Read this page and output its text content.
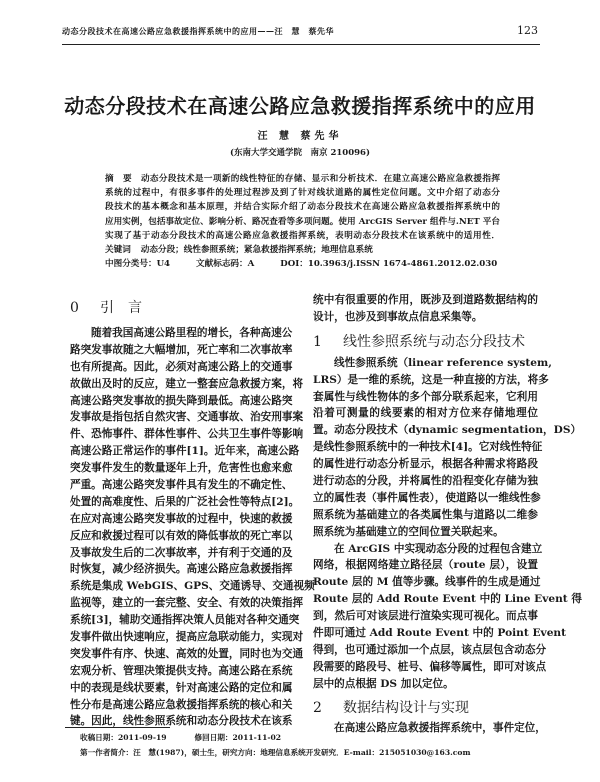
动态分段技术在高速公路应急救援指挥系统中的应用——汪　慧　蔡先华	123
动态分段技术在高速公路应急救援指挥系统中的应用
汪 慧 蔡先华
(东南大学交通学院　南京 210096)
摘　要　动态分段技术是一项新的线性特征的存储、显示和分析技术．在建立高速公路应急救援指挥
系统的过程中，有很多事件的处理过程涉及到了针对线状道路的属性定位问题。文中介绍了动态分
段技术的基本概念和基本原理，并结合实际介绍了动态分段技术在高速公路应急救援指挥系统中的
应用实例，包括事故定位、影响分析、路况查看等多项问题。使用 ArcGIS Server 组件与.NET 平台
实现了基于动态分段技术的高速公路应急救援指挥系统，表明动态分段技术在该系统中的适用性．
关键词 动态分段；线性参照系统；紧急救援指挥系统；地理信息系统
中图分类号：U4	文献标志码：A	DOI：10.3963/j.ISSN 1674-4861.2012.02.030
0 引　言
随着我国高速公路里程的增长，各种高速公
路突发事故随之大幅增加，死亡率和二次事故率
也有所提高。因此，必须对高速公路上的交通事
故做出及时的反应，建立一整套应急救援方案，将
高速公路突发事故的损失降到最低。高速公路突
发事故是指包括自然灾害、交通事故、治安刑事案
件、恐怖事件、群体性事件、公共卫生事件等影响
高速公路正常运作的事件[1]。近年来，高速公路
突发事件发生的数量逐年上升，危害性也愈来愈
严重。高速公路突发事件具有发生的不确定性、
处置的高难度性、后果的广泛社会性等特点[2]。
在应对高速公路突发事故的过程中，快速的救援
反应和救援过程可以有效的降低事故的死亡率以
及事故发生后的二次事故率，并有利于交通的及
时恢复，减少经济损失。高速公路应急救援指挥
系统是集成 WebGIS、GPS、交通诱导、交通视频
监视等，建立的一套完整、安全、有效的决策指挥
系统[3]，辅助交通指挥决策人员能对各种交通突
发事件做出快速响应，提高应急联动能力，实现对
突发事件有序、快速、高效的处置，同时也为交通
宏观分析、管理决策提供支持。高速公路在系统
中的表现是线状要素，针对高速公路的定位和属
性分布是高速公路应急救援指挥系统的核心和关
键。因此，线性参照系统和动态分段技术在该系
统中有很重要的作用，既涉及到道路数据结构的
设计，也涉及到事故点信息采集等。
1 线性参照系统与动态分段技术
线性参照系统（linear reference system,
LRS）是一维的系统，这是一种直接的方法，将多
套属性与线性物体的多个部分联系起来，它利用
沿着可测量的线要素的相对方位来存储地理位
置。动态分段技术（dynamic segmentation，DS）
是线性参照系统中的一种技术[4]。它对线性特征
的属性进行动态分析显示，根据各种需求将路段
进行动态的分段，并将属性的沿程变化存储为独
立的属性表（事件属性表），使道路以一维线性参
照系统为基础建立的各类属性集与道路以二维参
照系统为基础建立的空间位置关联起来。
在 ArcGIS 中实现动态分段的过程包含建立
网络，根据网络建立路径层（route 层），设置
Route 层的 M 值等步骤。线事件的生成是通过
Route 层的 Add Route Event 中的 Line Event 得
到，然后可对该层进行渲染实现可视化。而点事
件即可通过 Add Route Event 中的 Point Event
得到，也可通过添加一个点层，该点层包含动态分
段需要的路段号、桩号、偏移等属性，即可对该点
层中的点根据 DS 加以定位。
2 数据结构设计与实现
在高速公路应急救援指挥系统中，事件定位，
收稿日期：2011-09-19	修回日期：2011-11-02
第一作者简介：汪　慧(1987)，硕士生，研究方向：地理信息系统开发研究．E-mail：215051030@163.com
